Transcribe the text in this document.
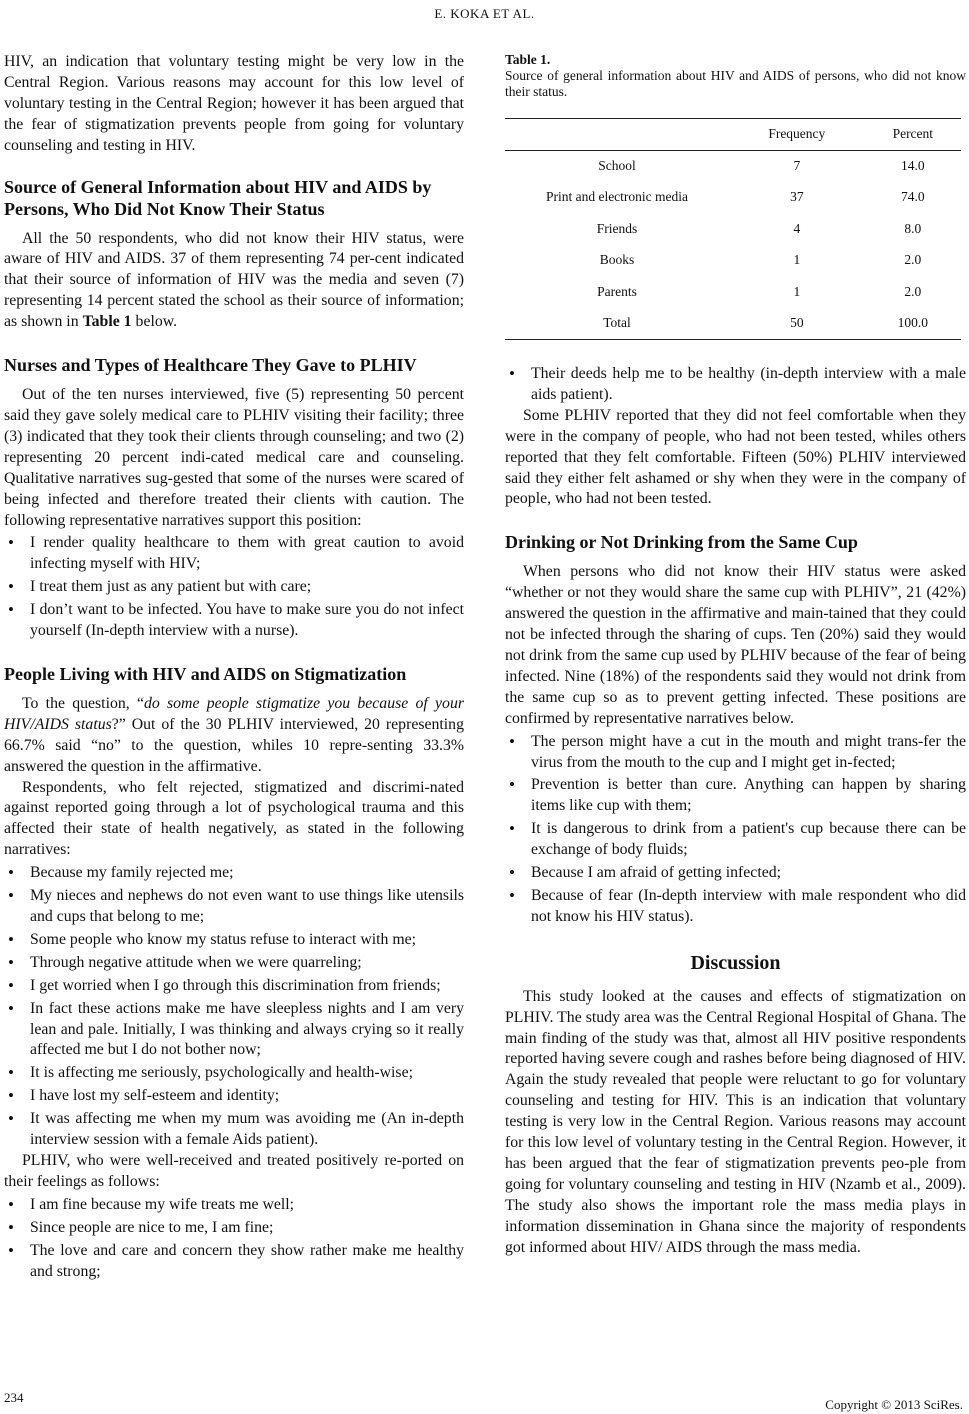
E. KOKA ET AL.

HIV, an indication that voluntary testing might be very low in the Central Region. Various reasons may account for this low level of voluntary testing in the Central Region; however it has been argued that the fear of stigmatization prevents people from going for voluntary counseling and testing in HIV.

Source of General Information about HIV and AIDS by Persons, Who Did Not Know Their Status

All the 50 respondents, who did not know their HIV status, were aware of HIV and AIDS. 37 of them representing 74 per-cent indicated that their source of information of HIV was the media and seven (7) representing 14 percent stated the school as their source of information; as shown in Table 1 below.

Nurses and Types of Healthcare They Gave to PLHIV

Out of the ten nurses interviewed, five (5) representing 50 percent said they gave solely medical care to PLHIV visiting their facility; three (3) indicated that they took their clients through counseling; and two (2) representing 20 percent indi-cated medical care and counseling. Qualitative narratives sug-gested that some of the nurses were scared of being infected and therefore treated their clients with caution. The following representative narratives support this position:

• I render quality healthcare to them with great caution to avoid infecting myself with HIV;
• I treat them just as any patient but with care;
• I don’t want to be infected. You have to make sure you do not infect yourself (In-depth interview with a nurse).
People Living with HIV and AIDS on Stigmatization

To the question, “do some people stigmatize you because of your HIV/AIDS status?” Out of the 30 PLHIV interviewed, 20 representing 66.7% said “no” to the question, whiles 10 repre-senting 33.3% answered the question in the affirmative.

Respondents, who felt rejected, stigmatized and discrimi-nated against reported going through a lot of psychological trauma and this affected their state of health negatively, as stated in the following narratives:

• Because my family rejected me;
• My nieces and nephews do not even want to use things like utensils and cups that belong to me;
• Some people who know my status refuse to interact with me;
• Through negative attitude when we were quarreling;
• I get worried when I go through this discrimination from friends;
• In fact these actions make me have sleepless nights and I am very lean and pale. Initially, I was thinking and always crying so it really affected me but I do not bother now;
• It is affecting me seriously, psychologically and health-wise;
• I have lost my self-esteem and identity;
• It was affecting me when my mum was avoiding me (An in-depth interview session with a female Aids patient).

PLHIV, who were well-received and treated positively re-ported on their feelings as follows:

• I am fine because my wife treats me well;
• Since people are nice to me, I am fine;
• The love and care and concern they show rather make me healthy and strong;
Table 1.
Source of general information about HIV and AIDS of persons, who did not know their status.
	Frequency	Percent
School	7	14.0
Print and electronic media	37	74.0
Friends	4	8.0
Books	1	2.0
Parents	1	2.0
Total	50	100.0
• Their deeds help me to be healthy (in-depth interview with a male aids patient).

Some PLHIV reported that they did not feel comfortable when they were in the company of people, who had not been tested, whiles others reported that they felt comfortable. Fifteen (50%) PLHIV interviewed said they either felt ashamed or shy when they were in the company of people, who had not been tested.

Drinking or Not Drinking from the Same Cup

When persons who did not know their HIV status were asked “whether or not they would share the same cup with PLHIV”, 21 (42%) answered the question in the affirmative and main-tained that they could not be infected through the sharing of cups. Ten (20%) said they would not drink from the same cup used by PLHIV because of the fear of being infected. Nine (18%) of the respondents said they would not drink from the same cup so as to prevent getting infected. These positions are confirmed by representative narratives below.

• The person might have a cut in the mouth and might trans-fer the virus from the mouth to the cup and I might get in-fected;
• Prevention is better than cure. Anything can happen by sharing items like cup with them;
• It is dangerous to drink from a patient's cup because there can be exchange of body fluids;
• Because I am afraid of getting infected;
• Because of fear (In-depth interview with male respondent who did not know his HIV status).
Discussion

This study looked at the causes and effects of stigmatization on PLHIV. The study area was the Central Regional Hospital of Ghana. The main finding of the study was that, almost all HIV positive respondents reported having severe cough and rashes before being diagnosed of HIV. Again the study revealed that people were reluctant to go for voluntary counseling and testing for HIV. This is an indication that voluntary testing is very low in the Central Region. Various reasons may account for this low level of voluntary testing in the Central Region. However, it has been argued that the fear of stigmatization prevents peo-ple from going for voluntary counseling and testing in HIV (Nzamb et al., 2009). The study also shows the important role the mass media plays in information dissemination in Ghana since the majority of respondents got informed about HIV/ AIDS through the mass media.

234	Copyright © 2013 SciRes.
